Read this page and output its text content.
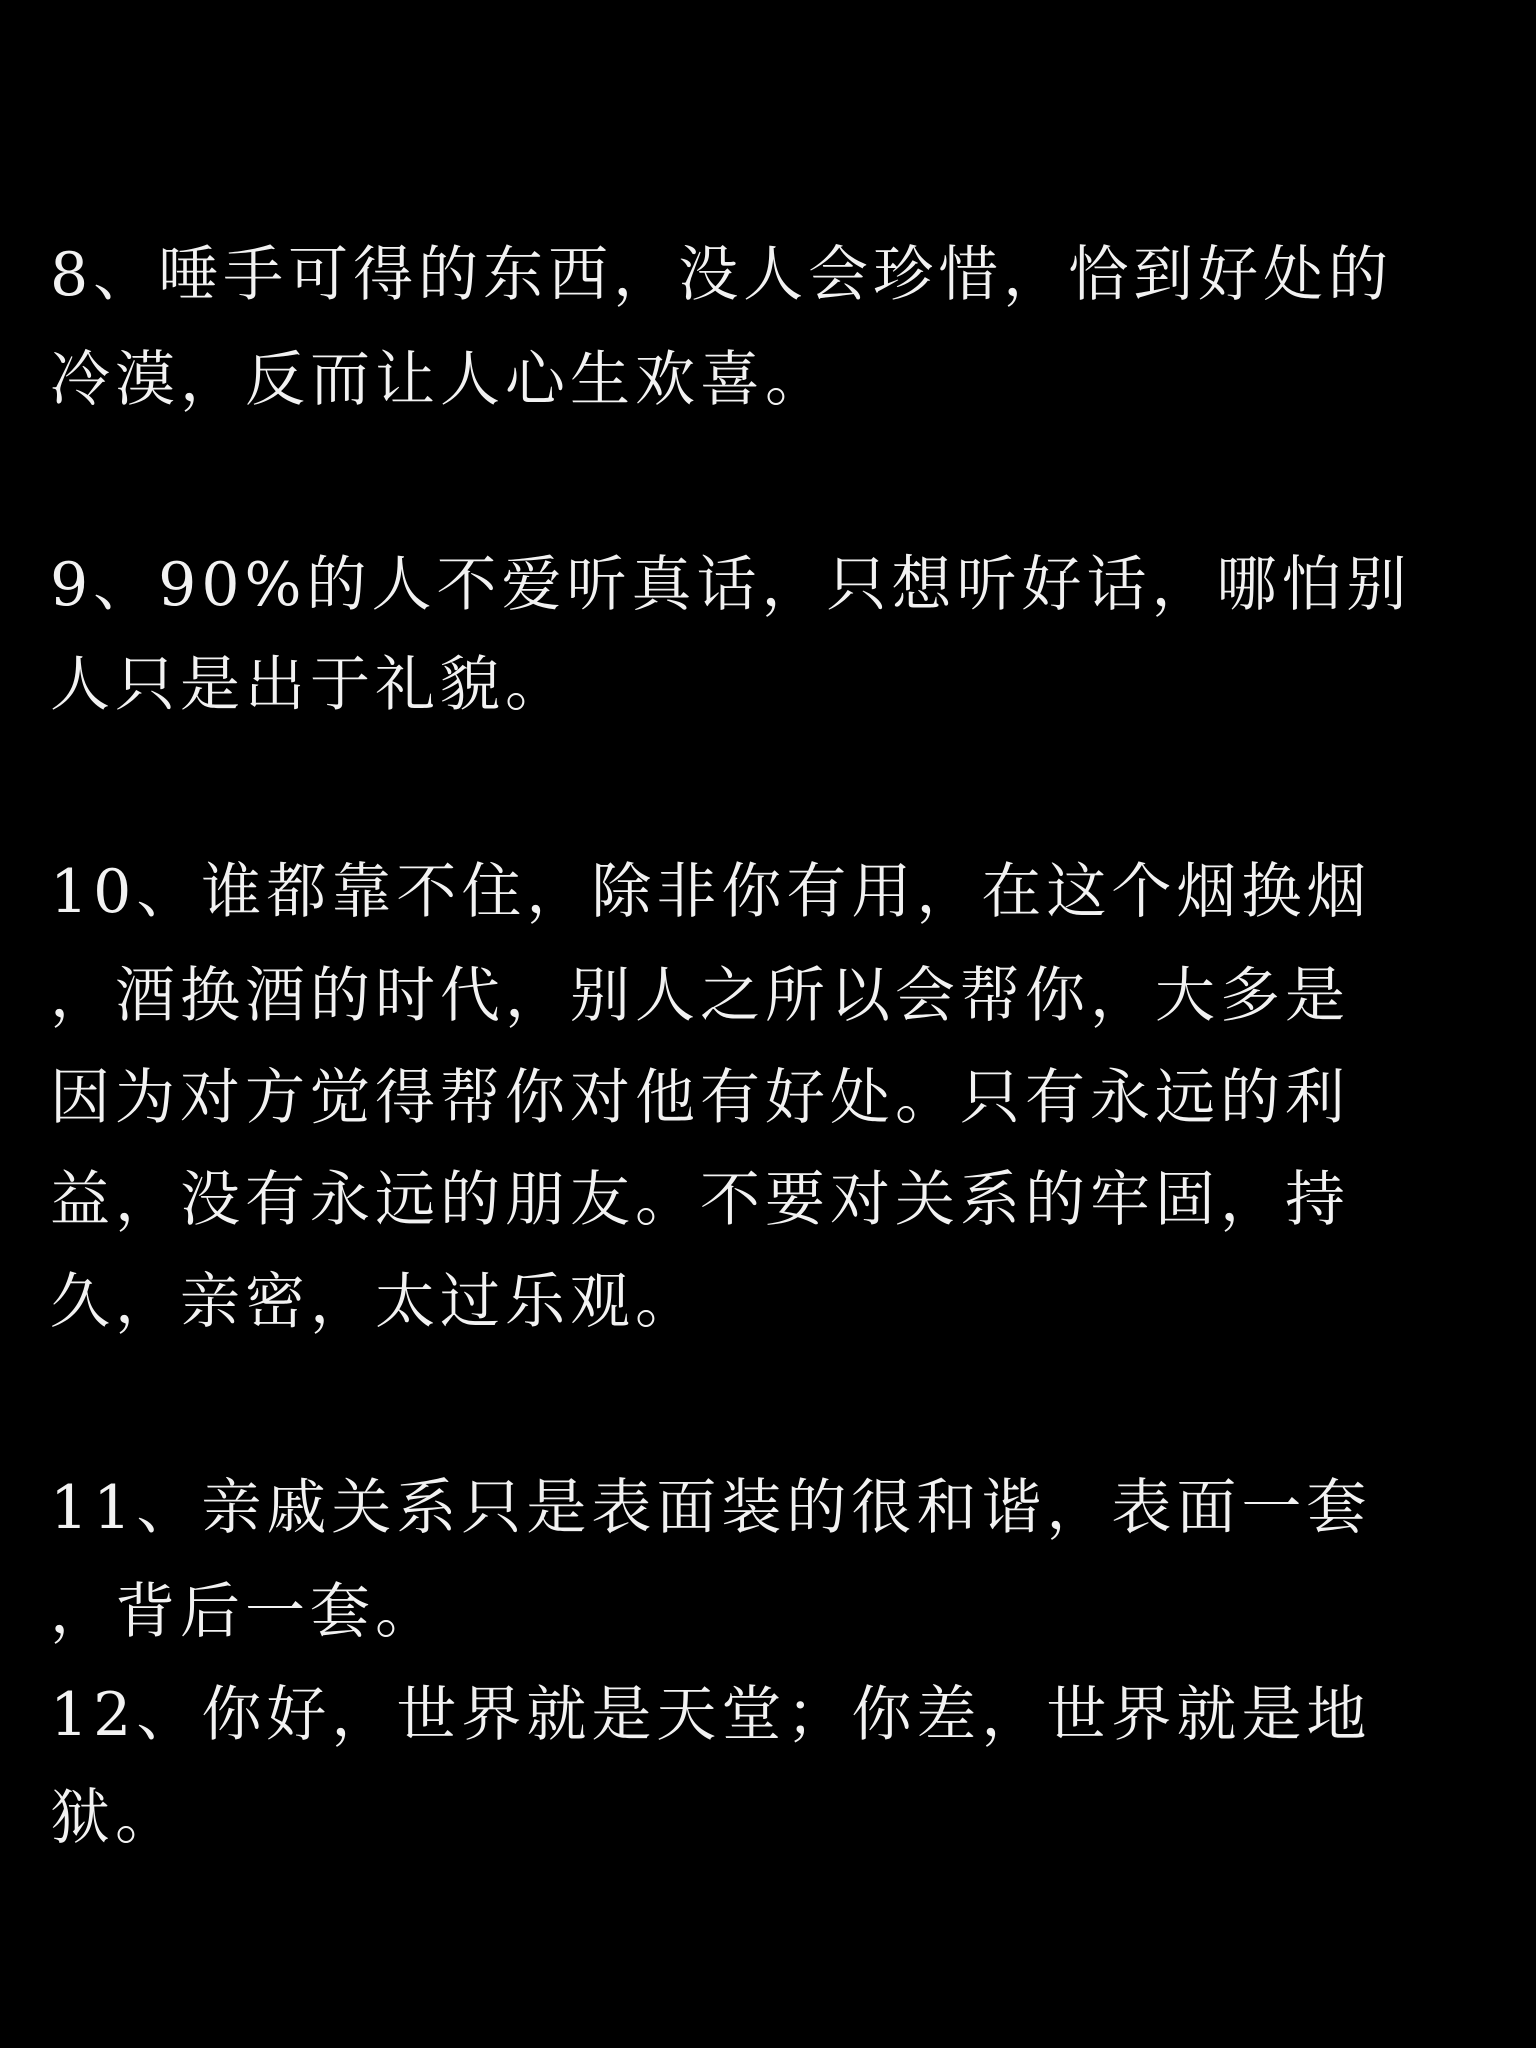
8、唾手可得的东西，没人会珍惜，恰到好处的
冷漠，反而让人心生欢喜。
9、90%的人不爱听真话，只想听好话，哪怕别
人只是出于礼貌。
10、谁都靠不住，除非你有用，在这个烟换烟
，酒换酒的时代，别人之所以会帮你，大多是
因为对方觉得帮你对他有好处。只有永远的利
益，没有永远的朋友。不要对关系的牢固，持
久，亲密，太过乐观。
11、亲戚关系只是表面装的很和谐，表面一套
，背后一套。
12、你好，世界就是天堂；你差，世界就是地
狱。
